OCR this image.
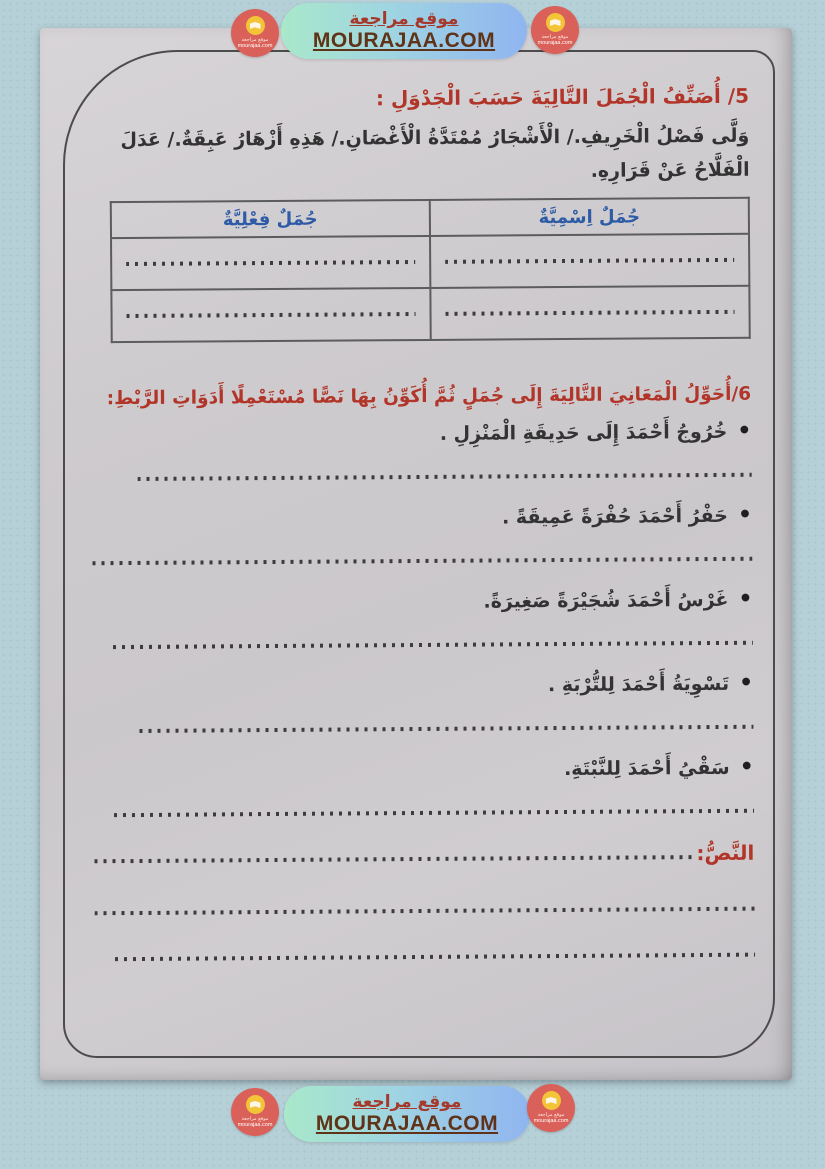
5/ أُصَنِّفُ الْجُمَلَ التَّالِيَةَ حَسَبَ الْجَدْوَلِ :
وَلَّى فَصْلُ الْخَرِيفِ./ الْأَشْجَارُ مُمْتَدَّةُ الْأَغْصَانِ./ هَذِهِ أَزْهَارُ عَبِقَةٌ./ عَدَلَ الْفَلَّاحُ عَنْ قَرَارِهِ.
جُمَلٌ اِسْمِيَّةٌ	جُمَلٌ فِعْلِيَّةٌ

6/أُحَوِّلُ الْمَعَانِيَ التَّالِيَةَ إِلَى جُمَلٍ ثُمَّ أُكَوِّنُ بِهَا نَصًّا مُسْتَعْمِلًا أَدَوَاتِ الرَّبْطِ:
•
خُرُوجُ أَحْمَدَ إِلَى حَدِيقَةِ الْمَنْزِلِ .
•
حَفْرُ أَحْمَدَ حُفْرَةً عَمِيقَةً .
•
غَرْسُ أَحْمَدَ شُجَيْرَةً صَغِيرَةً.
•
تَسْوِيَةُ أَحْمَدَ لِلتُّرْبَةِ .
•
سَقْيُ أَحْمَدَ لِلنَّبْتَةِ.
النَّصُّ:
موقع مراجعة
MOURAJAA.COM
موقع مراجعة
mourajaa.com
موقع مراجعة
mourajaa.com
موقع مراجعة
MOURAJAA.COM
موقع مراجعة
mourajaa.com
موقع مراجعة
mourajaa.com
